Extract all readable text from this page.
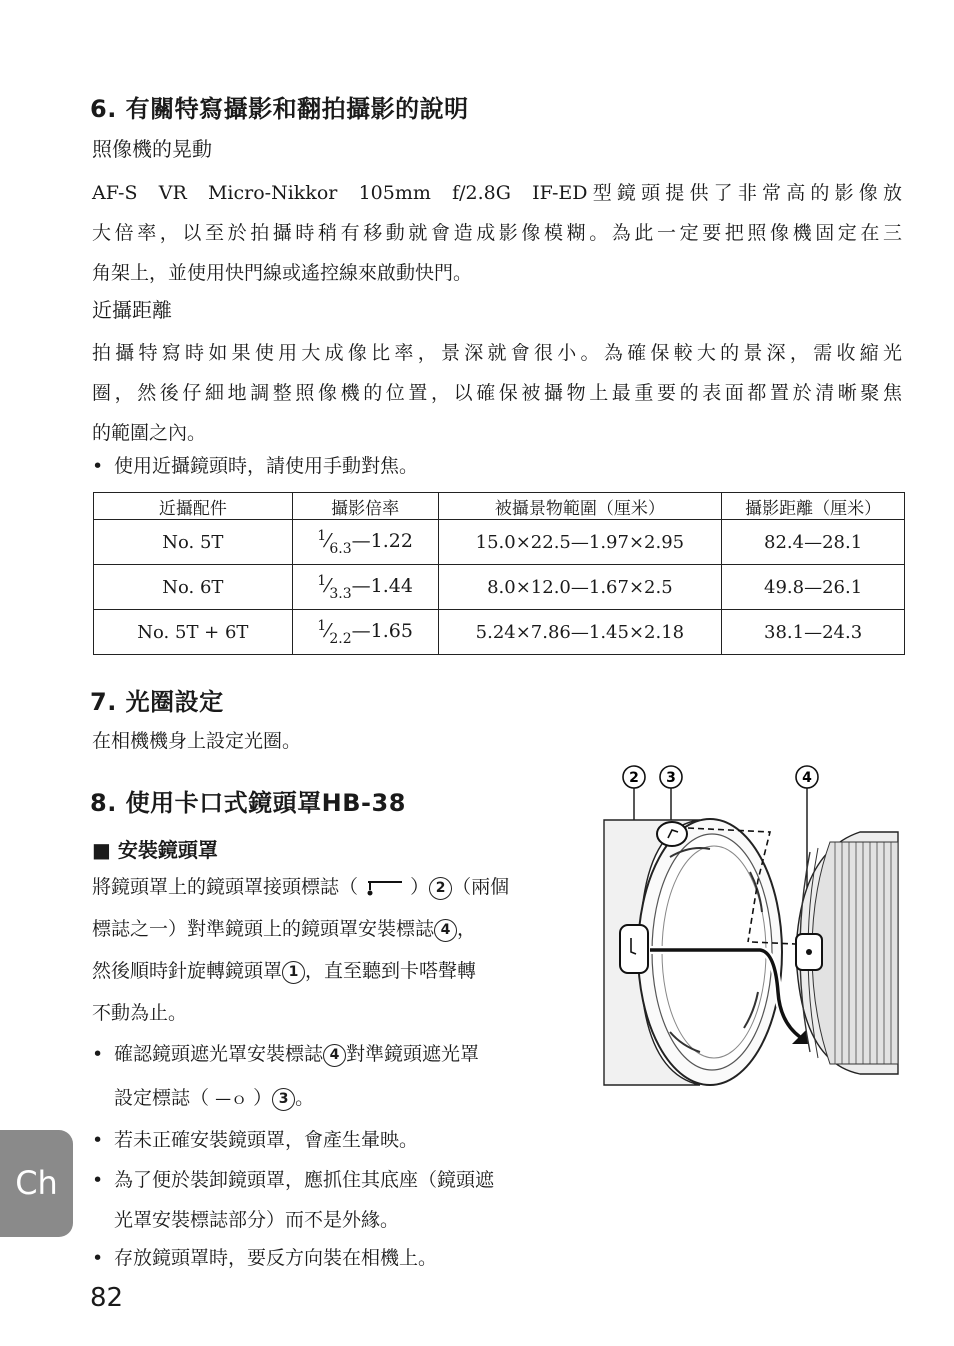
6. 有關特寫攝影和翻拍攝影的說明
照像機的晃動
AF-S VR Micro-Nikkor 105mm f/2.8G IF-ED型鏡頭提供了非常高的影像放
大倍率，以至於拍攝時稍有移動就會造成影像模糊。為此一定要把照像機固定在三
角架上，並使用快門線或遙控線來啟動快門。
近攝距離
拍攝特寫時如果使用大成像比率，景深就會很小。為確保較大的景深，需收縮光
圈，然後仔細地調整照像機的位置，以確保被攝物上最重要的表面都置於清晰聚焦
的範圍之內。
• 使用近攝鏡頭時，請使用手動對焦。
近攝配件	攝影倍率	被攝景物範圍（厘米）	攝影距離（厘米）
No. 5T	$^1⁄_{6.3}—1.22$	15.0×22.5—1.97×2.95	82.4—28.1
No. 6T	$^1⁄_{3.3}—1.44$	8.0×12.0—1.67×2.5	49.8—26.1
No. 5T + 6T	$^1⁄_{2.2}—1.65$	5.24×7.86—1.45×2.18	38.1—24.3
7. 光圈設定
在相機機身上設定光圈。
8. 使用卡口式鏡頭罩HB-38
■ 安裝鏡頭罩
將鏡頭罩上的鏡頭罩接頭標誌（	） 2 （兩個
標誌之一）對準鏡頭上的鏡頭罩安裝標誌 4 ，
然後順時針旋轉鏡頭罩 1 ，直至聽到卡嗒聲轉
不動為止。
• 確認鏡頭遮光罩安裝標誌 4 對準鏡頭遮光罩
設定標誌（ —ｏ ） 3 。
• 若未正確安裝鏡頭罩，會產生暈映。
• 為了便於裝卸鏡頭罩，應抓住其底座（鏡頭遮
光罩安裝標誌部分）而不是外緣。
• 存放鏡頭罩時，要反方向裝在相機上。
2 3	4
Ch
82
